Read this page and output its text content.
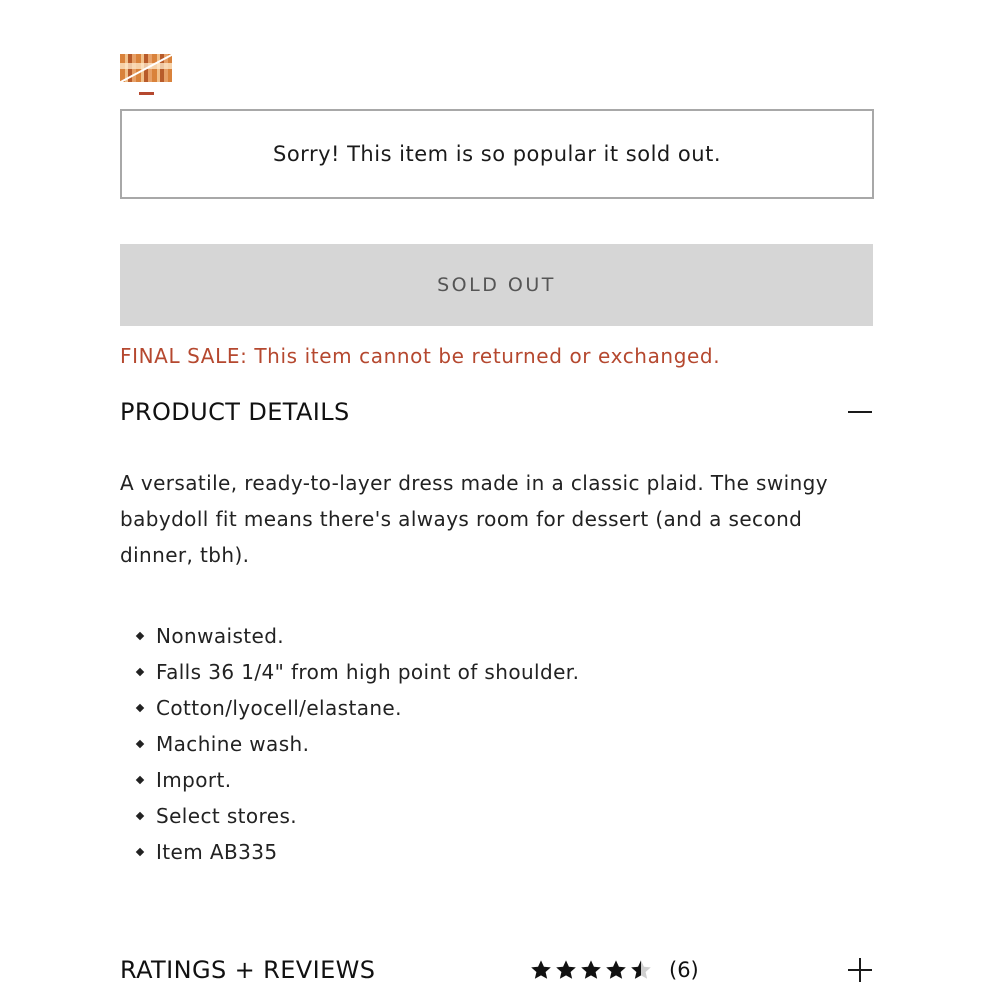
Sorry! This item is so popular it sold out.
SOLD OUT
FINAL SALE: This item cannot be returned or exchanged.
PRODUCT DETAILS
A versatile, ready-to-layer dress made in a classic plaid. The swingy babydoll fit means there's always room for dessert (and a second dinner, tbh).
Nonwaisted.
Falls 36 1/4" from high point of shoulder.
Cotton/lyocell/elastane.
Machine wash.
Import.
Select stores.
Item AB335
RATINGS + REVIEWS	(6)
